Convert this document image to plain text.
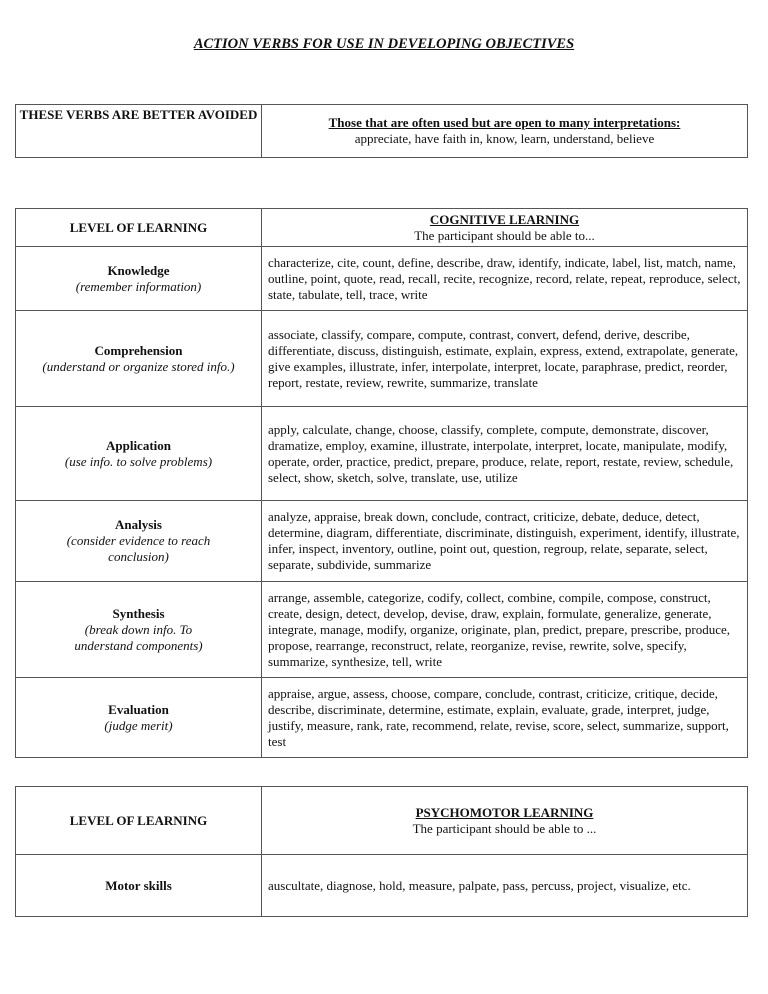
ACTION VERBS FOR USE IN DEVELOPING OBJECTIVES
THESE VERBS ARE BETTER AVOIDED	
Those that are often used but are open to many interpretations:
appreciate, have faith in, know, learn, understand, believe
LEVEL OF LEARNING	COGNITIVE LEARNING
The participant should be able to...

Knowledge
(remember information)	characterize, cite, count, define, describe, draw, identify, indicate, label, list, match, name, outline, point, quote, read, recall, recite, recognize, record, relate, repeat, reproduce, select, state, tabulate, tell, trace, write

Comprehension
(understand or organize stored info.)	associate, classify, compare, compute, contrast, convert, defend, derive, describe, differentiate, discuss, distinguish, estimate, explain, express, extend, extrapolate, generate, give examples, illustrate, infer, interpolate, interpret, locate, paraphrase, predict, reorder, report, restate, review, rewrite, summarize, translate

Application
(use info. to solve problems)	apply, calculate, change, choose, classify, complete, compute, demonstrate, discover, dramatize, employ, examine, illustrate, interpolate, interpret, locate, manipulate, modify, operate, order, practice, predict, prepare, produce, relate, report, restate, review, schedule, select, show, sketch, solve, translate, use, utilize

Analysis
(consider evidence to reach conclusion)	analyze, appraise, break down, conclude, contract, criticize, debate, deduce, detect, determine, diagram, differentiate, discriminate, distinguish, experiment, identify, illustrate, infer, inspect, inventory, outline, point out, question, regroup, relate, separate, select, separate, subdivide, summarize

Synthesis
(break down info. To understand components)	arrange, assemble, categorize, codify, collect, combine, compile, compose, construct, create, design, detect, develop, devise, draw, explain, formulate, generalize, generate, integrate, manage, modify, organize, originate, plan, predict, prepare, prescribe, produce, propose, rearrange, reconstruct, relate, reorganize, revise, rewrite, solve, specify, summarize, synthesize, tell, write

Evaluation
(judge merit)	appraise, argue, assess, choose, compare, conclude, contrast, criticize, critique, decide, describe, discriminate, determine, estimate, explain, evaluate, grade, interpret, judge, justify, measure, rank, rate, recommend, relate, revise, score, select, summarize, support, test
LEVEL OF LEARNING	PSYCHOMOTOR LEARNING
The participant should be able to ...

Motor skills	auscultate, diagnose, hold, measure, palpate, pass, percuss, project, visualize, etc.
